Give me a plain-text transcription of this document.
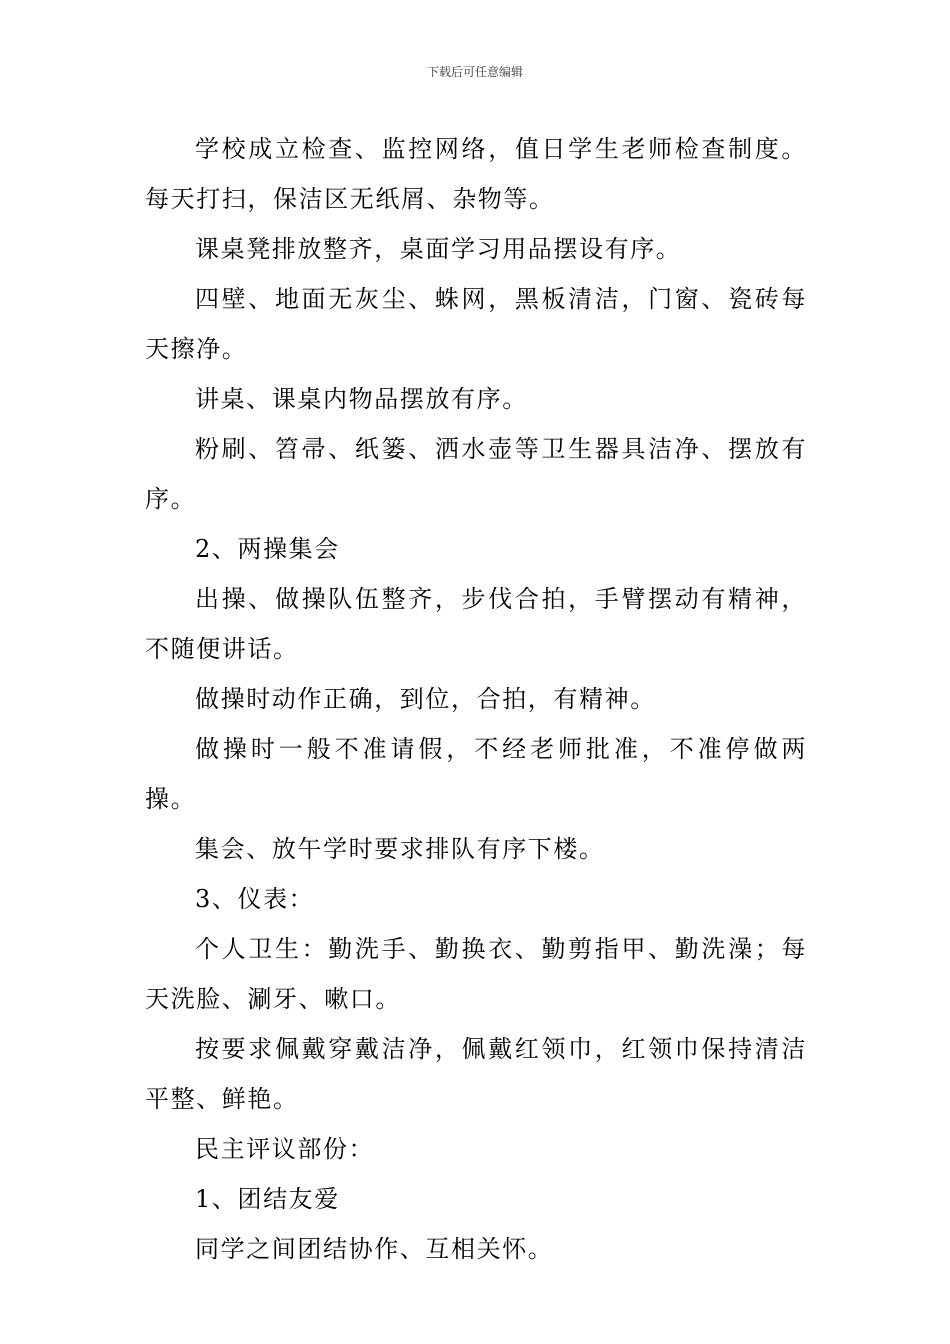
下载后可任意编辑

学校成立检查、监控网络，值日学生老师检查制度。每天打扫，保洁区无纸屑、杂物等。

课桌凳排放整齐，桌面学习用品摆设有序。

四壁、地面无灰尘、蛛网，黑板清洁，门窗、瓷砖每天擦净。

讲桌、课桌内物品摆放有序。

粉刷、笤帚、纸篓、洒水壶等卫生器具洁净、摆放有序。

2、两操集会

出操、做操队伍整齐，步伐合拍，手臂摆动有精神，不随便讲话。

做操时动作正确，到位，合拍，有精神。

做操时一般不准请假，不经老师批准，不准停做两操。

集会、放午学时要求排队有序下楼。

3、仪表：

个人卫生：勤洗手、勤换衣、勤剪指甲、勤洗澡；每天洗脸、涮牙、嗽口。

按要求佩戴穿戴洁净，佩戴红领巾，红领巾保持清洁平整、鲜艳。

民主评议部份：

1、团结友爱

同学之间团结协作、互相关怀。
